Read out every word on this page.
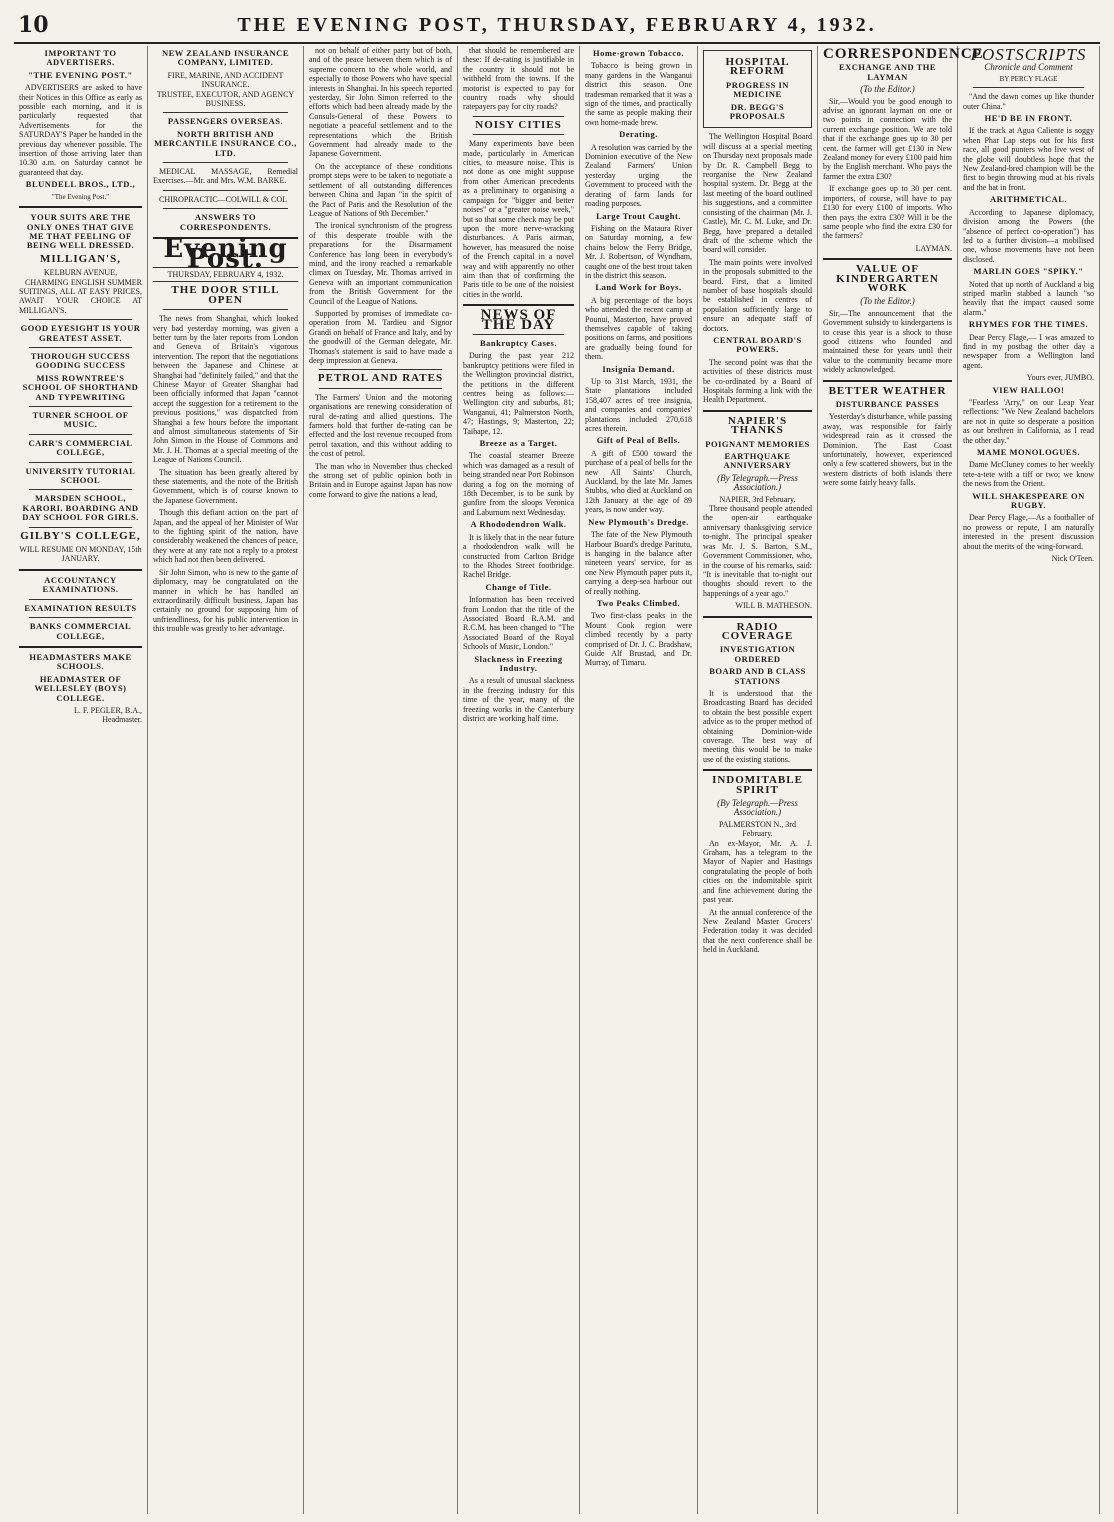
10	THE EVENING POST, THURSDAY, FEBRUARY 4, 1932.
IMPORTANT TO ADVERTISERS.
"THE EVENING POST."

ADVERTISERS are asked to have their Notices in this Office as early as possible each morning, and it is particularly requested that Advertisements for the SATURDAY'S Paper be handed in the previous day whenever possible. The insertion of those arriving later than 10.30 a.m. on Saturday cannot be guaranteed that day.

BLUNDELL BROS., LTD.,
"The Evening Post."
YOUR SUITS ARE THE ONLY ONES THAT GIVE ME THAT FEELING OF BEING WELL DRESSED.
MILLIGAN'S,
KELBURN AVENUE,

CHARMING ENGLISH SUMMER SUITINGS, ALL AT EASY PRICES, AWAIT YOUR CHOICE AT MILLIGAN'S.

GOOD EYESIGHT IS YOUR GREATEST ASSET.
THOROUGH SUCCESS GOODING SUCCESS
MISS ROWNTREE'S SCHOOL OF SHORTHAND AND TYPEWRITING
TURNER SCHOOL OF MUSIC.
CARR'S COMMERCIAL COLLEGE,
UNIVERSITY TUTORIAL SCHOOL
MARSDEN SCHOOL, KARORI. BOARDING AND DAY SCHOOL FOR GIRLS.
GILBY'S COLLEGE,
WILL RESUME ON MONDAY, 15th JANUARY.
ACCOUNTANCY EXAMINATIONS.
EXAMINATION RESULTS
BANKS COMMERCIAL COLLEGE,
HEADMASTERS MAKE SCHOOLS.
HEADMASTER OF WELLESLEY (BOYS) COLLEGE.
L. F. PEGLER, B.A.,
Headmaster.
NEW ZEALAND INSURANCE COMPANY, LIMITED.
FIRE, MARINE, AND ACCIDENT INSURANCE.
TRUSTEE, EXECUTOR, AND AGENCY BUSINESS.
PASSENGERS OVERSEAS.
NORTH BRITISH AND MERCANTILE INSURANCE CO., LTD.

MEDICAL MASSAGE, Remedial Exercises.—Mr. and Mrs. W.M. BARKE.

CHIROPRACTIC—COLWILL & COL

ANSWERS TO CORRESPONDENTS.
Evening Post.
THURSDAY, FEBRUARY 4, 1932.
THE DOOR STILL OPEN

The news from Shanghai, which looked very bad yesterday morning, was given a better turn by the later reports from London and Geneva of Britain's vigorous intervention. The report that the negotiations between the Japanese and Chinese at Shanghai had "definitely failed," and that the Chinese Mayor of Greater Shanghai had been officially informed that Japan "cannot accept the suggestion for a retirement to the previous positions," was dispatched from Shanghai a few hours before the important and almost simultaneous statements of Sir John Simon in the House of Commons and Mr. J. H. Thomas at a special meeting of the League of Nations Council.

The situation has been greatly altered by these statements, and the note of the British Government, which is of course known to the Japanese Government.

Though this defiant action on the part of Japan, and the appeal of her Minister of War to the fighting spirit of the nation, have considerably weakened the chances of peace, they were at any rate not a reply to a protest which had not then been delivered.

Sir John Simon, who is new to the game of diplomacy, may be congratulated on the manner in which he has handled an extraordinarily difficult business. Japan has certainly no ground for supposing him of unfriendliness, for his public intervention in this trouble was greatly to her advantage.

not on behalf of either party but of both, and of the peace between them which is of supreme concern to the whole world, and especially to those Powers who have special interests in Shanghai. In his speech reported yesterday, Sir John Simon referred to the efforts which had been already made by the Consuls-General of these Powers to negotiate a peaceful settlement and to the representations which the British Government had already made to the Japanese Government.

On the acceptance of these conditions prompt steps were to be taken to negotiate a settlement of all outstanding differences between China and Japan "in the spirit of the Pact of Paris and the Resolution of the League of Nations of 9th December."

The ironical synchronism of the progress of this desperate trouble with the preparations for the Disarmament Conference has long been in everybody's mind, and the irony reached a remarkable climax on Tuesday, Mr. Thomas arrived in Geneva with an important communication from the British Government for the Council of the League of Nations.

Supported by promises of immediate co-operation from M. Tardieu and Signor Grandi on behalf of France and Italy, and by the goodwill of the German delegate, Mr. Thomas's statement is said to have made a deep impression at Geneva.

PETROL AND RATES

The Farmers' Union and the motoring organisations are renewing consideration of rural de-rating and allied questions. The farmers hold that further de-rating can be effected and the lost revenue recouped from petrol taxation, and this without adding to the cost of petrol.

The man who in November thus checked the strong set of public opinion both in Britain and in Europe against Japan has now come forward to give the nations a lead,

that should be remembered are these: If de-rating is justifiable in the country it should not be withheld from the towns. If the motorist is expected to pay for country roads why should ratepayers pay for city roads?

NOISY CITIES

Many experiments have been made, particularly in American cities, to measure noise. This is not done as one might suppose from other American precedents as a preliminary to organising a campaign for "bigger and better noises" or a "greater noise week," but so that some check may be put upon the more nerve-wracking disturbances. A Paris airman, however, has measured the noise of the French capital in a novel way and with apparently no other aim than that of confirming the Paris title to be one of the noisiest cities in the world.

NEWS OF THE DAY
Bankruptcy Cases.

During the past year 212 bankruptcy petitions were filed in the Wellington provincial district, the petitions in the different centres being as follows:— Wellington city and suburbs, 81; Wanganui, 41; Palmerston North, 47; Hastings, 9; Masterton, 22; Taihape, 12.

Breeze as a Target.

The coastal steamer Breeze which was damaged as a result of being stranded near Port Robinson during a fog on the morning of 18th December, is to be sunk by gunfire from the sloops Veronica and Laburnum next Wednesday.

A Rhododendron Walk.

It is likely that in the near future a rhododendron walk will be constructed from Carlton Bridge to the Rhodes Street footbridge. Rachel Bridge.

Change of Title.

Information has been received from London that the title of the Associated Board R.A.M. and R.C.M. has been changed to "The Associated Board of the Royal Schools of Music, London."

Slackness in Freezing Industry.

As a result of unusual slackness in the freezing industry for this time of the year, many of the freezing works in the Canterbury district are working half time.

Home-grown Tobacco.

Tobacco is being grown in many gardens in the Wanganui district this season. One tradesman remarked that it was a sign of the times, and practically the same as people making their own home-made brew.

Derating.

A resolution was carried by the Dominion executive of the New Zealand Farmers' Union yesterday urging the Government to proceed with the derating of farm lands for roading purposes.

Large Trout Caught.

Fishing on the Mataura River on Saturday morning, a few chains below the Ferry Bridge, Mr. J. Robertson, of Wyndham, caught one of the best trout taken in the district this season.

Land Work for Boys.

A big percentage of the boys who attended the recent camp at Pounui, Masterton, have proved themselves capable of taking positions on farms, and positions are gradually being found for them.

Insignia Demand.

Up to 31st March, 1931, the State plantations included 158,407 acres of tree insignia, and companies and companies' plantations included 270,618 acres therein.

Gift of Peal of Bells.

A gift of £500 toward the purchase of a peal of bells for the new All Saints' Church, Auckland, by the late Mr. James Stubbs, who died at Auckland on 12th January at the age of 89 years, is now under way.

New Plymouth's Dredge.

The fate of the New Plymouth Harbour Board's dredge Paritutu, is hanging in the balance after nineteen years' service, for as one New Plymouth paper puts it, carrying a deep-sea harbour out of really nothing.

Two Peaks Climbed.

Two first-class peaks in the Mount Cook region were climbed recently by a party comprised of Dr. J. C. Bradshaw, Guide Alf Brustad, and Dr. Murray, of Timaru.

HOSPITAL REFORM
PROGRESS IN MEDICINE
DR. BEGG'S PROPOSALS

The Wellington Hospital Board will discuss at a special meeting on Thursday next proposals made by Dr. R. Campbell Begg to reorganise the New Zealand hospital system. Dr. Begg at the last meeting of the board outlined his suggestions, and a committee consisting of the chairman (Mr. J. Castle), Mr. C. M. Luke, and Dr. Begg, have prepared a detailed draft of the scheme which the board will consider.

The main points were involved in the proposals submitted to the board. First, that a limited number of base hospitals should be established in centres of population sufficiently large to ensure an adequate staff of doctors.

CENTRAL BOARD'S POWERS.

The second point was that the activities of these districts must be co-ordinated by a Board of Hospitals forming a link with the Health Department.

NAPIER'S THANKS
POIGNANT MEMORIES
EARTHQUAKE ANNIVERSARY
(By Telegraph.—Press Association.)
NAPIER, 3rd February.

Three thousand people attended the open-air earthquake anniversary thanksgiving service to-night. The principal speaker was Mr. J. S. Barton, S.M., Government Commissioner, who, in the course of his remarks, said: "It is inevitable that to-night our thoughts should revert to the happenings of a year ago."

WILL B. MATHESON.
RADIO COVERAGE
INVESTIGATION ORDERED
BOARD AND B CLASS STATIONS

It is understood that the Broadcasting Board has decided to obtain the best possible expert advice as to the proper method of obtaining Dominion-wide coverage. The best way of meeting this would be to make use of the existing stations.

INDOMITABLE SPIRIT
(By Telegraph.—Press Association.)
PALMERSTON N., 3rd February.

An ex-Mayor, Mr. A. J. Graham, has a telegram to the Mayor of Napier and Hastings congratulating the people of both cities on the indomitable spirit and fine achievement during the past year.

At the annual conference of the New Zealand Master Grocers' Federation today it was decided that the next conference shall be held in Auckland.

CORRESPONDENCE
EXCHANGE AND THE LAYMAN
(To the Editor.)

Sir,—Would you be good enough to advise an ignorant layman on one or two points in connection with the current exchange position. We are told that if the exchange goes up to 30 per cent. the farmer will get £130 in New Zealand money for every £100 paid him by the English merchant. Who pays the farmer the extra £30?

If exchange goes up to 30 per cent. importers, of course, will have to pay £130 for every £100 of imports. Who then pays the extra £30? Will it be the same people who find the extra £30 for the farmers?

LAYMAN.
VALUE OF KINDERGARTEN WORK
(To the Editor.)

Sir,—The announcement that the Government subsidy to kindergartens is to cease this year is a shock to those good citizens who founded and maintained these for years until their value to the community became more widely acknowledged.

BETTER WEATHER
DISTURBANCE PASSES

Yesterday's disturbance, while passing away, was responsible for fairly widespread rain as it crossed the Dominion. The East Coast unfortunately, however, experienced only a few scattered showers, but in the western districts of both islands there were some fairly heavy falls.

POSTSCRIPTS
Chronicle and Comment
BY PERCY FLAGE

"And the dawn comes up like thunder outer China."

HE'D BE IN FRONT.

If the track at Agua Caliente is soggy when Phar Lap steps out for his first race, all good punters who live west of the globe will doubtless hope that the New Zealand-bred champion will be the first to begin throwing mud at his rivals and the hat in front.

ARITHMETICAL.

According to Japanese diplomacy, division among the Powers (the "absence of perfect co-operation") has led to a further division—a mobilised one, whose movements have not been disclosed.

MARLIN GOES "SPIKY."

Noted that up north of Auckland a big striped marlin stabbed a launch "so heavily that the impact caused some alarm."

RHYMES FOR THE TIMES.

Dear Percy Flage,— I was amazed to find in my postbag the other day a newspaper from a Wellington land agent.

Yours ever, JUMBO.
VIEW HALLOO!

"Fearless 'Arry," on our Leap Year reflections: "We New Zealand bachelors are not in quite so desperate a position as our brethren in California, as I read the other day."

MAME MONOLOGUES.

Dame McCluney comes to her weekly tete-a-tete with a tiff or two; we know the news from the Orient.

WILL SHAKESPEARE ON RUGBY.

Dear Percy Flage,—As a footballer of no prowess or repute, I am naturally interested in the present discussion about the merits of the wing-forward.

Nick O'Teen.
